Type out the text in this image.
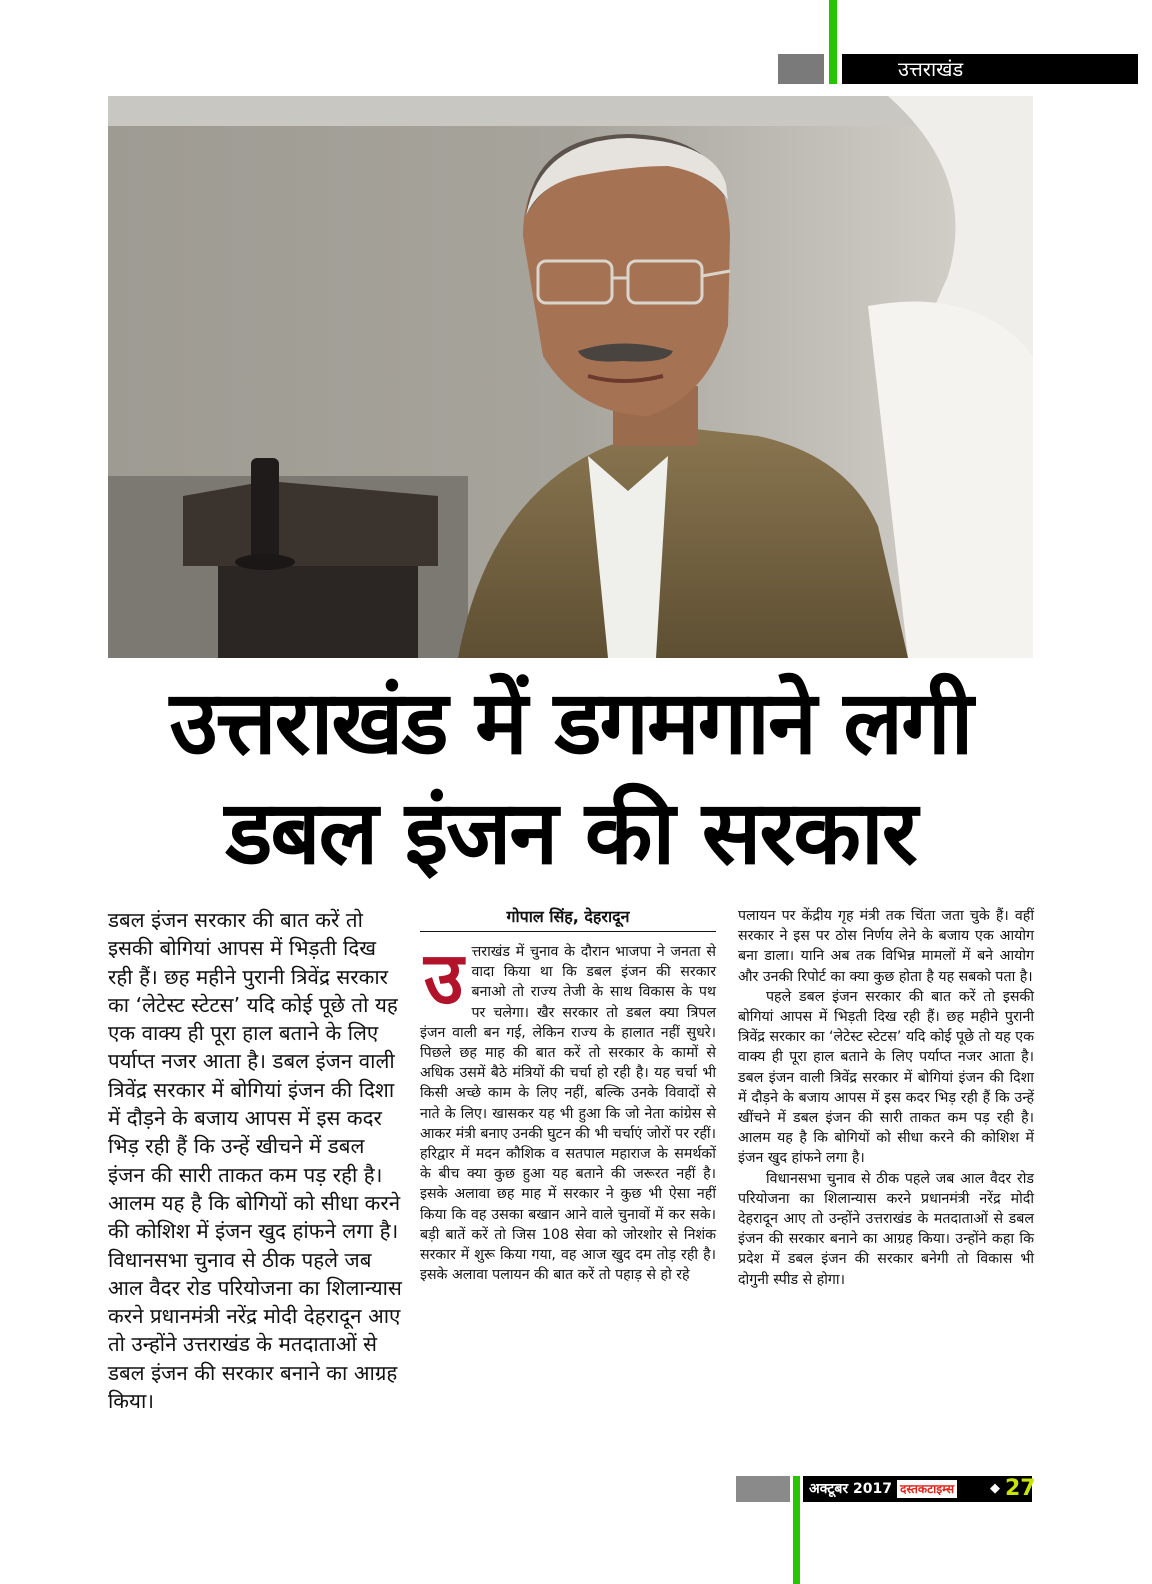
उत्तराखंड
उत्तराखंड में डगमगाने लगी
डबल इंजन की सरकार

डबल इंजन सरकार की बात करें तो इसकी बोगियां आपस में भिड़ती दिख रही हैं। छह महीने पुरानी त्रिवेंद्र सरकार का ‘लेटेस्ट स्टेटस’ यदि कोई पूछे तो यह एक वाक्य ही पूरा हाल बताने के लिए पर्याप्त नजर आता है। डबल इंजन वाली त्रिवेंद्र सरकार में बोगियां इंजन की दिशा में दौड़ने के बजाय आपस में इस कदर भिड़ रही हैं कि उन्हें खीचने में डबल इंजन की सारी ताकत कम पड़ रही है। आलम यह है कि बोगियों को सीधा करने की कोशिश में इंजन खुद हांफने लगा है। विधानसभा चुनाव से ठीक पहले जब आल वैदर रोड परियोजना का शिलान्यास करने प्रधानमंत्री नरेंद्र मोदी देहरादून आए तो उन्होंने उत्तराखंड के मतदाताओं से डबल इंजन की सरकार बनाने का आग्रह किया।

गोपाल सिंह, देहरादून

उत्तराखंड में चुनाव के दौरान भाजपा ने जनता से वादा किया था कि डबल इंजन की सरकार बनाओ तो राज्य तेजी के साथ विकास के पथ पर चलेगा। खैर सरकार तो डबल क्या त्रिपल इंजन वाली बन गई, लेकिन राज्य के हालात नहीं सुधरे। पिछले छह माह की बात करें तो सरकार के कामों से अधिक उसमें बैठे मंत्रियों की चर्चा हो रही है। यह चर्चा भी किसी अच्छे काम के लिए नहीं, बल्कि उनके विवादों से नाते के लिए। खासकर यह भी हुआ कि जो नेता कांग्रेस से आकर मंत्री बनाए उनकी घुटन की भी चर्चाएं जोरों पर रहीं। हरिद्वार में मदन कौशिक व सतपाल महाराज के समर्थकों के बीच क्या कुछ हुआ यह बताने की जरूरत नहीं है। इसके अलावा छह माह में सरकार ने कुछ भी ऐसा नहीं किया कि वह उसका बखान आने वाले चुनावों में कर सके। बड़ी बातें करें तो जिस 108 सेवा को जोरशोर से निशंक सरकार में शुरू किया गया, वह आज खुद दम तोड़ रही है। इसके अलावा पलायन की बात करें तो पहाड़ से हो रहे

पलायन पर केंद्रीय गृह मंत्री तक चिंता जता चुके हैं। वहीं सरकार ने इस पर ठोस निर्णय लेने के बजाय एक आयोग बना डाला। यानि अब तक विभिन्न मामलों में बने आयोग और उनकी रिपोर्ट का क्या कुछ होता है यह सबको पता है।

पहले डबल इंजन सरकार की बात करें तो इसकी बोगियां आपस में भिड़ती दिख रही हैं। छह महीने पुरानी त्रिवेंद्र सरकार का ‘लेटेस्ट स्टेटस’ यदि कोई पूछे तो यह एक वाक्य ही पूरा हाल बताने के लिए पर्याप्त नजर आता है। डबल इंजन वाली त्रिवेंद्र सरकार में बोगियां इंजन की दिशा में दौड़ने के बजाय आपस में इस कदर भिड़ रही हैं कि उन्हें खींचने में डबल इंजन की सारी ताकत कम पड़ रही है। आलम यह है कि बोगियों को सीधा करने की कोशिश में इंजन खुद हांफने लगा है।

विधानसभा चुनाव से ठीक पहले जब आल वैदर रोड परियोजना का शिलान्यास करने प्रधानमंत्री नरेंद्र मोदी देहरादून आए तो उन्होंने उत्तराखंड के मतदाताओं से डबल इंजन की सरकार बनाने का आग्रह किया। उन्होंने कहा कि प्रदेश में डबल इंजन की सरकार बनेगी तो विकास भी दोगुनी स्पीड से होगा।

अक्टूबर 2017 दस्तकटाइम्स	◆ 27
